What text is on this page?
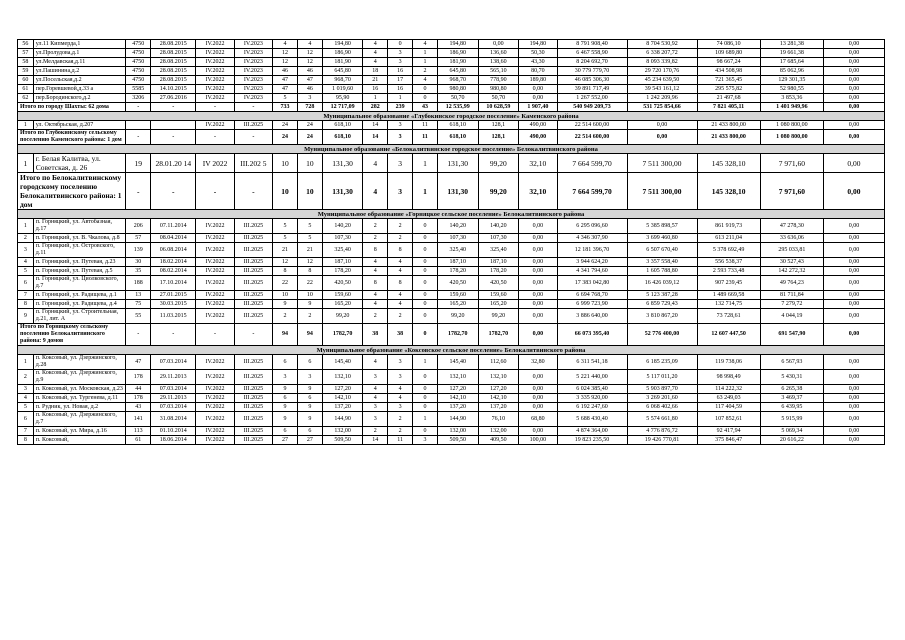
56	ул.11 Кипмерда,1	4750	28.08.2015	IV.2022	IV.2023	4	4	194,80	4	0	4	194,80	0,00	194,80	8 791 908,40	8 704 530,92	74 086,10	13 281,38	0,00
57	ул.Пролудова,д.1	4750	28.08.2015	IV.2022	IV.2023	12	12	186,90	4	3	1	186,90	136,60	50,30	6 467 558,90	6 338 207,72	109 689,80	19 661,38	0,00
58	ул.Мелдавская,д.11	4750	28.08.2015	IV.2022	IV.2023	12	12	181,90	4	3	1	181,90	138,60	43,30	8 204 692,70	8 093 339,82	98 667,24	17 685,64	0,00
59	ул.Пашинина,д.2	4750	28.08.2015	IV.2022	IV.2023	46	46	645,80	18	16	2	645,80	565,10	80,70	30 779 779,70	29 720 170,76	434 508,98	85 062,96	0,00
60	ул.Посельская,д.2	4750	28.08.2015	IV.2022	IV.2023	47	47	968,70	21	17	4	968,70	778,90	189,80	46 085 306,30	45 234 639,50	721 365,45	129 301,35	0,00
61	пер.Горевшевой,д.33 а	5585	14.10.2015	IV.2022	IV.2023	47	46	1 019,60	16	16	0	980,80	980,80	0,00	39 891 717,49	39 543 161,12	295 575,82	52 980,55	0,00
62	пер.Бородинского,д.2	3206	27.06.2016	IV.2022	IV.2023	5	3	95,90	1	1	0	50,70	50,70	0,00	1 267 552,00	1 242 209,96	21 497,68	3 853,36	0,00
Итого по городу Шахты: 62 дома		-	-	-	-	733	728	12 717,09	282	239	43	12 535,99	10 628,59	1 907,40	540 949 209,73	531 725 854,66	7 821 405,11	1 401 949,96	0,00
Муниципальное образование «Глубокинское городское поселение» Каменского района																			
1	ул. Октябрьская, д.207			IV.2022	III.2025	24	24	618,10	14	3	11	618,10	128,1	490,00	22 514 600,00	0,00	21 433 800,00	1 080 800,00	0,00
Итого по Глубокинскому сельскому поселению Каменского района: 1 дом		-	-	-	-	24	24	618,10	14	3	11	618,10	128,1	490,00	22 514 600,00	0,00	21 433 800,00	1 080 800,00	0,00
Муниципальное образование «Белокалитвинское городское поселение» Белокалитвинского района																			
1	г. Белая Калитва, ул. Советская, д. 26	19	28.01.20 14	IV 2022	III.202 5	10	10	131,30	4	3	1	131,30	99,20	32,10	7 664 599,70	7 511 300,00	145 328,10	7 971,60	0,00
Итого по Белокалитвинскому городскому поселению Белокалитвинского района: 1 дом		-	-	-	-	10	10	131,30	4	3	1	131,30	99,20	32,10	7 664 599,70	7 511 300,00	145 328,10	7 971,60	0,00
Муниципальное образование «Горняцкое сельское поселение» Белокалитвинского района																			
1	п. Горняцкий, ул. Автобазная, д.17	206	07.11.2014	IV.2022	III.2025	5	5	140,20	2	2	0	140,20	140,20	0,00	6 295 096,60	5 385 898,57	861 919,73	47 278,30	0,00
2	п. Горняцкий, ул. В. Чкалова, д.8	57	08.04.2014	IV.2022	III.2025	5	5	107,30	2	2	0	107,30	107,30	0,00	4 346 307,90	3 699 460,80	613 211,04	33 636,06	0,00
3	п. Горняцкий, ул. Островского, д.11	139	06.08.2014	IV.2022	III.2025	21	21	325,40	8	8	0	325,40	325,40	0,00	12 181 396,70	6 507 670,40	5 378 692,49	295 033,81	0,00
4	п. Горняцкий, ул. Путевая, д.23	30	18.02.2014	IV.2022	III.2025	12	12	187,10	4	4	0	187,10	187,10	0,00	3 944 624,20	3 357 558,40	556 538,37	30 527,43	0,00
5	п. Горняцкий, ул. Путевая, д.5	35	08.02.2014	IV.2022	III.2025	8	8	178,20	4	4	0	178,20	178,20	0,00	4 341 794,60	1 605 788,80	2 593 733,48	142 272,32	0,00
6	п. Горняцкий, ул. Циолковского, д.7	188	17.10.2014	IV.2022	III.2025	22	22	420,50	8	8	0	420,50	420,50	0,00	17 383 042,80	16 426 039,12	907 239,45	49 764,23	0,00
7	п. Горняцкий, ул. Радищева, д.1	13	27.01.2015	IV.2022	III.2025	10	10	159,60	4	4	0	159,60	159,60	0,00	6 694 768,70	5 123 387,28	1 489 669,58	81 711,84	0,00
8	п. Горняцкий, ул. Радищева, д.4	75	30.03.2015	IV.2022	III.2025	9	9	165,20	4	4	0	165,20	165,20	0,00	6 999 723,90	6 859 729,43	132 714,75	7 279,72	0,00
9	п. Горняцкий, ул. Строительная, д.21, лит. А	55	11.03.2015	IV.2022	III.2025	2	2	99,20	2	2	0	99,20	99,20	0,00	3 886 640,00	3 810 867,20	73 728,61	4 044,19	0,00
Итого по Горняцкому сельскому поселению Белокалитвинского района: 9 домов		-	-	-	-	94	94	1782,70	38	38	0	1782,70	1782,70	0,00	66 073 395,40	52 776 400,00	12 607 447,50	691 547,90	0,00
Муниципальное образование «Коксовское сельское поселение» Белокалитвинского района																			
1	п. Коксовый, ул. Дзержинского, д.28	47	07.03.2014	IV.2022	III.2025	6	6	145,40	4	3	1	145,40	112,60	32,80	6 311 541,18	6 185 235,09	119 738,06	6 567,93	0,00
2	п. Коксовый, ул. Дзержинского, д.9	178	29.11.2013	IV.2022	III.2025	3	3	132,10	3	3	0	132,10	132,10	0,00	5 221 440,00	5 117 011,20	98 998,49	5 430,31	0,00
3	п. Коксовый, ул. Московская, д.23	44	07.03.2014	IV.2022	III.2025	9	9	127,20	4	4	0	127,20	127,20	0,00	6 024 385,40	5 903 897,70	114 222,32	6 265,38	0,00
4	п. Коксовый, ул. Тургенева, д.11	178	29.11.2013	IV.2022	III.2025	6	6	142,10	4	4	0	142,10	142,10	0,00	3 335 920,00	3 269 201,60	63 249,03	3 469,37	0,00
5	п. Рудник, ул. Новая, д.2	43	07.03.2014	IV.2022	III.2025	9	9	137,20	3	3	0	137,20	137,20	0,00	6 192 247,60	6 068 402,66	117 404,59	6 439,95	0,00
6	п. Коксовый, ул. Дзержинского, д.7	141	31.08.2014	IV.2022	III.2025	9	9	144,90	3	2	1	144,90	76,10	68,80	5 688 430,40	5 574 661,80	107 852,61	5 915,99	0,00
7	п. Коксовый, ул. Мира, д.16	113	01.10.2014	IV.2022	III.2025	6	6	132,00	2	2	0	132,00	132,00	0,00	4 874 364,00	4 776 876,72	92 417,94	5 069,34	0,00
8	п. Коксовый,	61	18.06.2014	IV.2022	III.2025	27	27	509,50	14	11	3	509,50	409,50	100,00	19 823 235,50	19 426 770,81	375 846,47	20 616,22	0,00
